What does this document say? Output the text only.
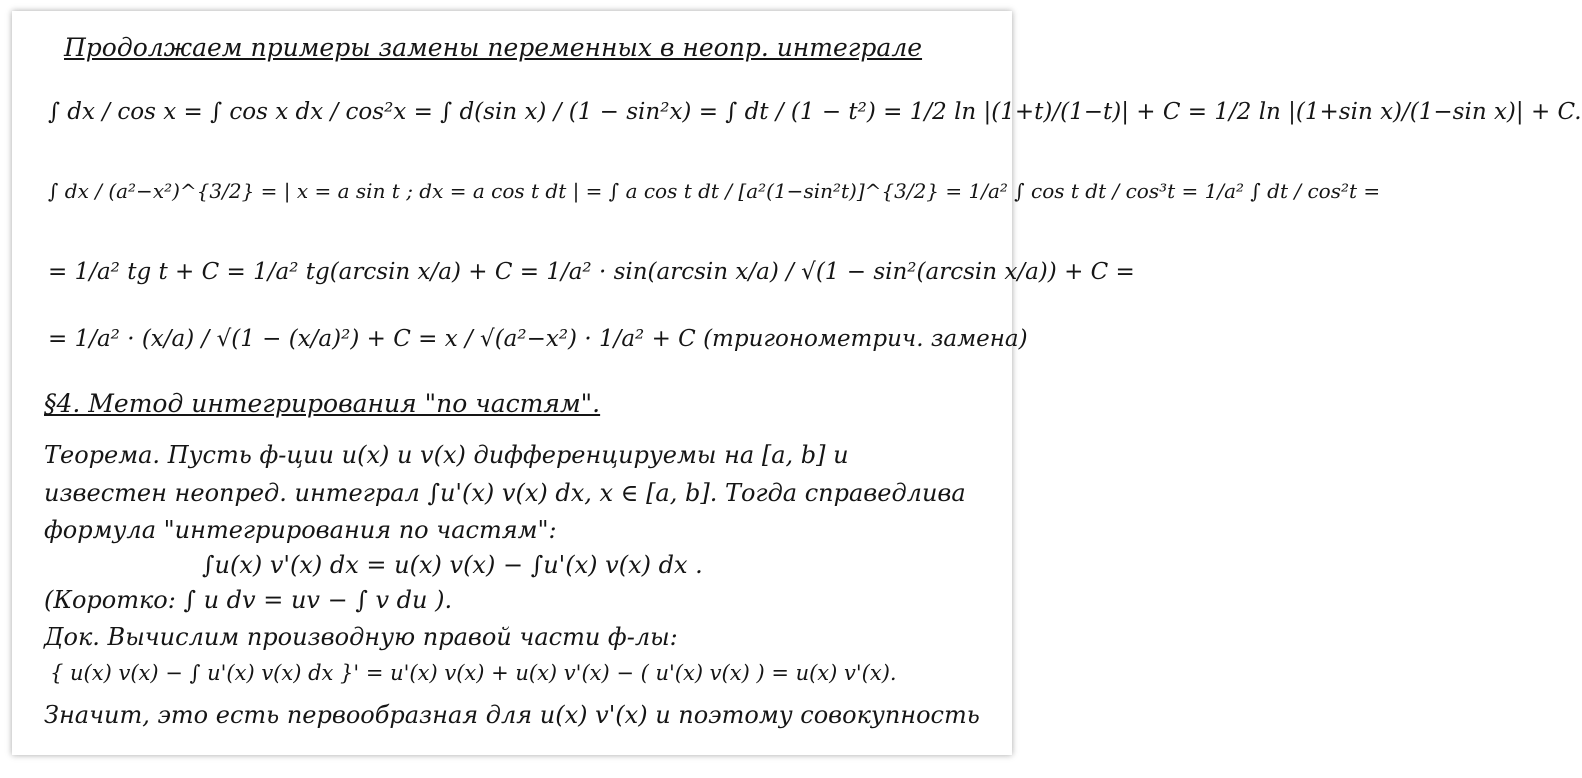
Продолжаем примеры замены переменных в неопр. интеграле
∫ dx / cos x = ∫ cos x dx / cos²x = ∫ d(sin x) / (1 − sin²x) = ∫ dt / (1 − t²) = 1/2 ln |(1+t)/(1−t)| + C = 1/2 ln |(1+sin x)/(1−sin x)| + C.
∫ dx / (a²−x²)^{3/2} = | x = a sin t ; dx = a cos t dt | = ∫ a cos t dt / [a²(1−sin²t)]^{3/2} = 1/a² ∫ cos t dt / cos³t = 1/a² ∫ dt / cos²t =
= 1/a² tg t + C = 1/a² tg(arcsin x/a) + C = 1/a² · sin(arcsin x/a) / √(1 − sin²(arcsin x/a)) + C =
= 1/a² · (x/a) / √(1 − (x/a)²) + C = x / √(a²−x²) · 1/a² + C (тригонометрич. замена)
§4. Метод интегрирования "по частям".
Теорема. Пусть ф-ции u(x) и v(x) дифференцируемы на [a, b] и
известен неопред. интеграл ∫u'(x) v(x) dx, x ∈ [a, b]. Тогда справедлива
формула "интегрирования по частям":
∫u(x) v'(x) dx = u(x) v(x) − ∫u'(x) v(x) dx .
(Коротко: ∫ u dv = uv − ∫ v du ).
Док. Вычислим производную правой части ф-лы:
{ u(x) v(x) − ∫ u'(x) v(x) dx }' = u'(x) v(x) + u(x) v'(x) − ( u'(x) v(x) ) = u(x) v'(x).
Значит, это есть первообразная для u(x) v'(x) и поэтому совокупность
